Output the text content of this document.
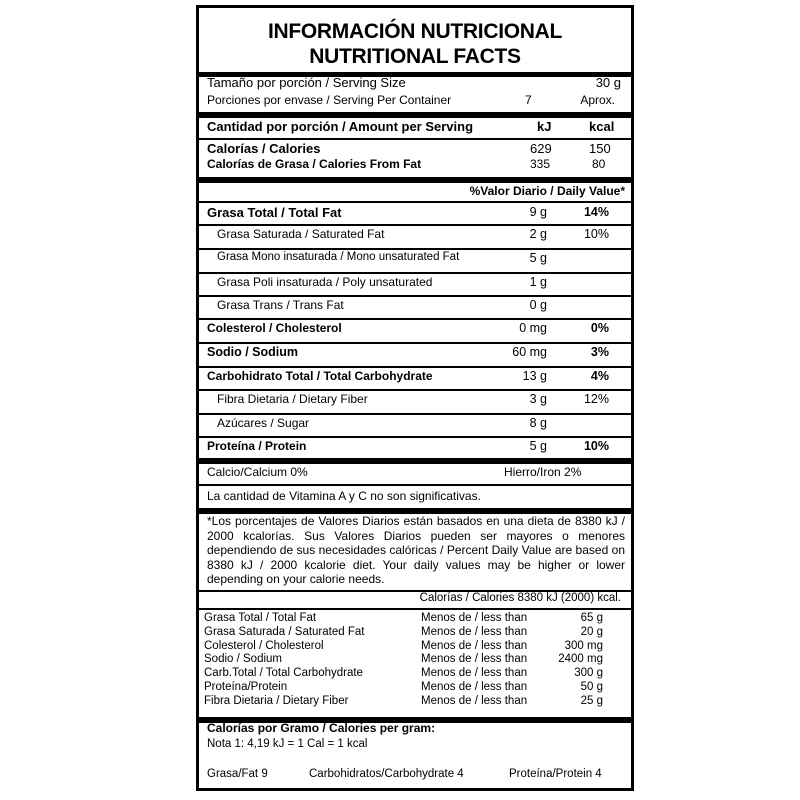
INFORMACIÓN NUTRICIONAL
NUTRITIONAL FACTS
Tamaño por porción / Serving Size	30 g
Porciones por envase / Serving Per Container	7	Aprox.
Cantidad por porción / Amount per Serving	kJ	kcal
Calorías / Calories	629	150
Calorías de Grasa / Calories From Fat	335	80
%Valor Diario / Daily Value*
Grasa Total / Total Fat	9 g	14%
Grasa Saturada / Saturated Fat	2 g	10%
Grasa Mono insaturada / Mono unsaturated Fat	5 g
Grasa Poli insaturada / Poly unsaturated	1 g
Grasa Trans / Trans Fat	0 g
Colesterol / Cholesterol	0 mg	0%
Sodio / Sodium	60 mg	3%
Carbohidrato Total / Total Carbohydrate	13 g	4%
Fibra Dietaria / Dietary Fiber	3 g	12%
Azúcares / Sugar	8 g
Proteína / Protein	5 g	10%
Calcio/Calcium 0%	Hierro/Iron 2%
La cantidad de Vitamina A y C no son significativas.
*Los porcentajes de Valores Diarios están basados en una dieta de 8380 kJ / 2000 kcalorías. Sus Valores Diarios pueden ser mayores o menores dependiendo de sus necesidades calóricas / Percent Daily Value are based on 8380 kJ / 2000 kcalorie diet. Your daily values may be higher or lower depending on your calorie needs.
Calorías / Calories 8380 kJ (2000) kcal.
Grasa Total / Total Fat	Menos de / less than	65 g
Grasa Saturada / Saturated Fat	Menos de / less than	20 g
Colesterol / Cholesterol	Menos de / less than	300 mg
Sodio / Sodium	Menos de / less than	2400 mg
Carb.Total / Total Carbohydrate	Menos de / less than	300 g
Proteína/Protein	Menos de / less than	50 g
Fibra Dietaria / Dietary Fiber	Menos de / less than	25 g
Calorías por Gramo / Calories per gram:
Nota 1: 4,19 kJ = 1 Cal = 1 kcal
Grasa/Fat 9	Carbohidratos/Carbohydrate 4	Proteína/Protein 4
